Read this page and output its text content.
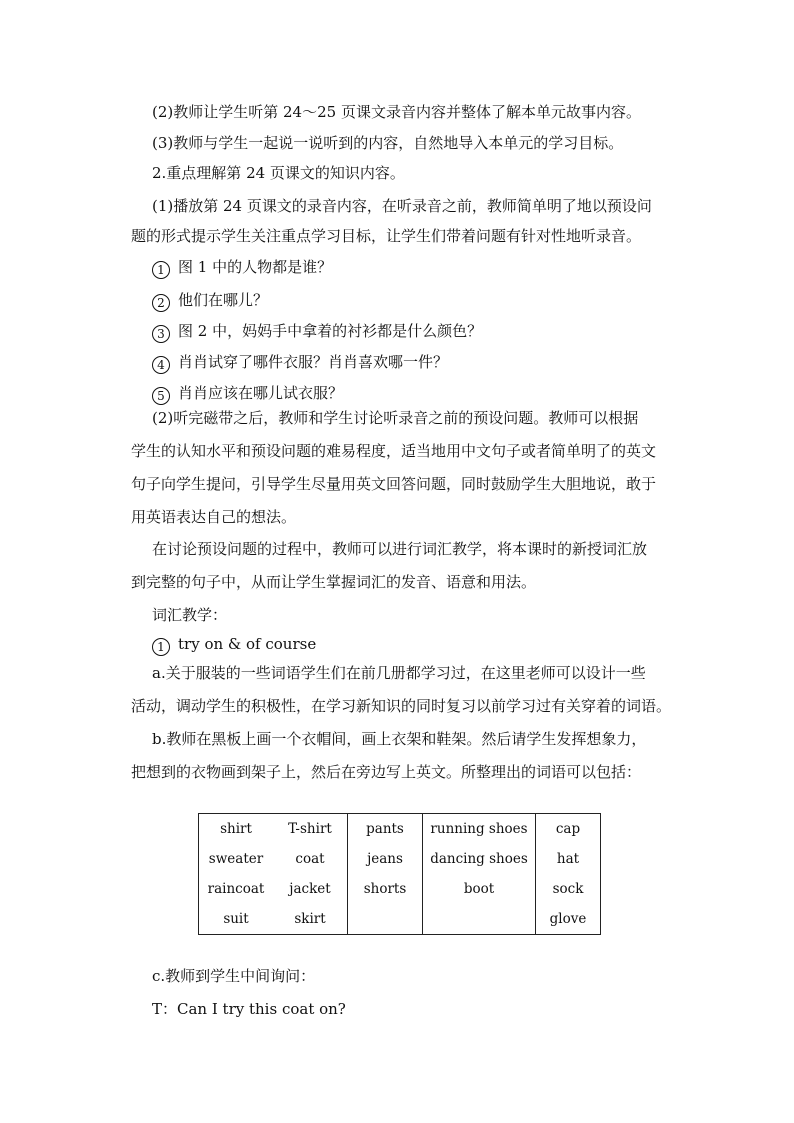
(2)教师让学生听第 24～25 页课文录音内容并整体了解本单元故事内容。
(3)教师与学生一起说一说听到的内容，自然地导入本单元的学习目标。
2.重点理解第 24 页课文的知识内容。
(1)播放第 24 页课文的录音内容，在听录音之前，教师简单明了地以预设问
题的形式提示学生关注重点学习目标，让学生们带着问题有针对性地听录音。
1 图 1 中的人物都是谁？
2 他们在哪儿？
3 图 2 中，妈妈手中拿着的衬衫都是什么颜色？
4 肖肖试穿了哪件衣服？肖肖喜欢哪一件？
5 肖肖应该在哪儿试衣服？
(2)听完磁带之后，教师和学生讨论听录音之前的预设问题。教师可以根据
学生的认知水平和预设问题的难易程度，适当地用中文句子或者简单明了的英文
句子向学生提问，引导学生尽量用英文回答问题，同时鼓励学生大胆地说，敢于
用英语表达自己的想法。
在讨论预设问题的过程中，教师可以进行词汇教学，将本课时的新授词汇放
到完整的句子中，从而让学生掌握词汇的发音、语意和用法。
词汇教学：
1 try on & of course
a.关于服装的一些词语学生们在前几册都学习过，在这里老师可以设计一些
活动，调动学生的积极性，在学习新知识的同时复习以前学习过有关穿着的词语。
b.教师在黑板上画一个衣帽间，画上衣架和鞋架。然后请学生发挥想象力，
把想到的衣物画到架子上，然后在旁边写上英文。所整理出的词语可以包括：
shirt	T-shirt	pants	running shoes	cap
sweater	coat	jeans	dancing shoes	hat
raincoat	jacket	shorts	boot	sock
suit	skirt			glove
c.教师到学生中间询问：
T：Can I try this coat on?
